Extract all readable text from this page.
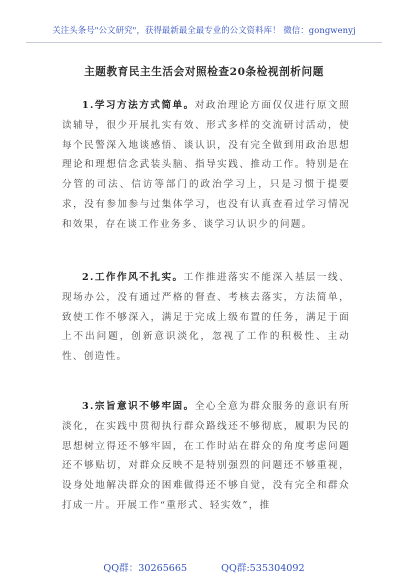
关注头条号"公文研究"，获得最新最全最专业的公文资料库！ 微信：gongwenyj
主题教育民主生活会对照检查20条检视剖析问题

1.学习方法方式简单。对政治理论方面仅仅进行原文照读辅导，很少开展扎实有效、形式多样的交流研讨活动，使每个民警深入地谈感悟、谈认识，没有完全做到用政治思想理论和理想信念武装头脑、指导实践、推动工作。特别是在分管的司法、信访等部门的政治学习上，只是习惯于提要求，没有参加参与过集体学习，也没有认真查看过学习情况和效果，存在谈工作业务多、谈学习认识少的问题。

2.工作作风不扎实。工作推进落实不能深入基层一线、现场办公，没有通过严格的督查、考核去落实，方法简单，致使工作不够深入，满足于完成上级布置的任务，满足于面上不出问题，创新意识淡化，忽视了工作的积极性、主动性、创造性。

3.宗旨意识不够牢固。全心全意为群众服务的意识有所淡化，在实践中贯彻执行群众路线还不够彻底，履职为民的思想树立得还不够牢固，在工作时站在群众的角度考虑问题还不够贴切，对群众反映不是特别强烈的问题还不够重视，设身处地解决群众的困难做得还不够自觉，没有完全和群众打成一片。开展工作“重形式、轻实效”，推

QQ群：30265665	QQ群:535304092
